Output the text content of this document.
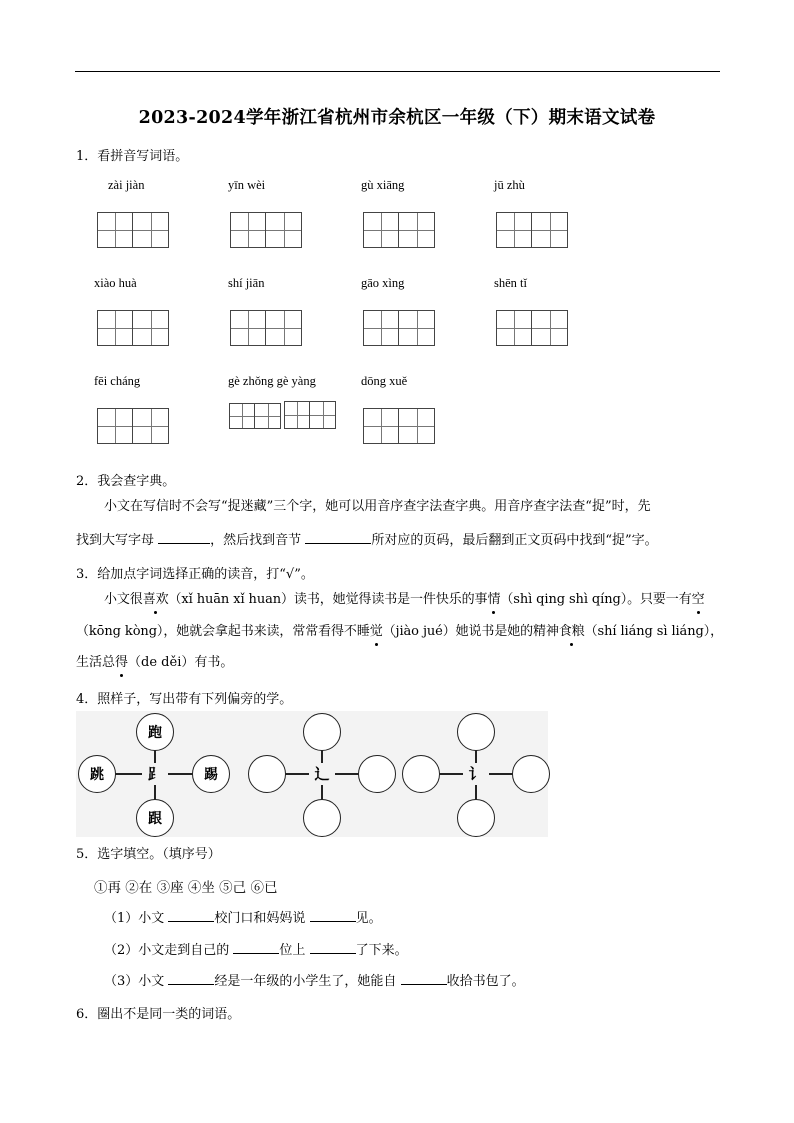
2023-2024学年浙江省杭州市余杭区一年级（下）期末语文试卷
1．看拼音写词语。
zài jiàn	yīn wèi	gù xiāng	jū zhù
xiào huà	shí jiān	gāo xìng	shēn tǐ
fēi cháng	gè zhǒng gè yàng	dōng xuě
2．我会查字典。
小文在写信时不会写“捉迷藏”三个字，她可以用音序查字法查字典。用音序查字法查“捉”时，先
找到大写字母	，然后找到音节	所对应的页码，最后翻到正文页码中找到“捉”字。
3．给加点字词选择正确的读音，打“√”。
小文很喜欢（xǐ huān xǐ huan）读书，她觉得读书是一件快乐的事情（shì qing shì qíng）。只要一有空
（kōng kòng），她就会拿起书来读，常常看得不睡觉（jiào jué）她说书是她的精神食粮（shí liáng sì liáng），
生活总得（de děi）有书。
4．照样子，写出带有下列偏旁的学。
跑
跳	踢
跟
⻊	⻌	讠
5．选字填空。（填序号）
①再 ②在 ③座 ④坐 ⑤己 ⑥已
（1）小文	校门口和妈妈说	见。
（2）小文走到自己的	位上	了下来。
（3）小文	经是一年级的小学生了，她能自	收拾书包了。
6．圈出不是同一类的词语。
